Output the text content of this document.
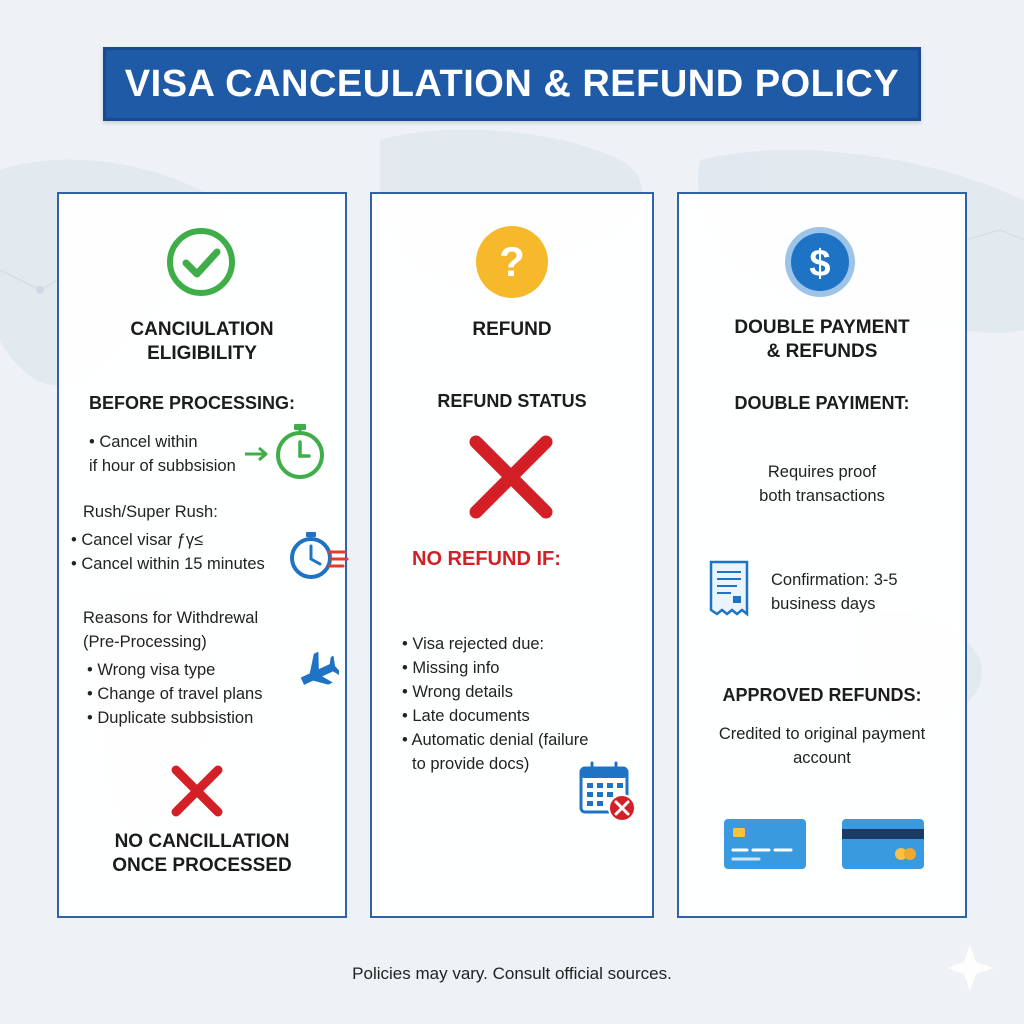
VISA CANCEULATION & REFUND POLICY
CANCIULATION
ELIGIBILITY
BEFORE PROCESSING:
• Cancel within
if hour of subbsision
Rush/Super Rush:
• Cancel visar ƒγ≤
• Cancel within 15 minutes
Reasons for Withdrewal
(Pre-Processing)
• Wrong visa type
• Change of travel plans
• Duplicate subbsistion
NO CANCILLATION
ONCE PROCESSED
?
REFUND
REFUND STATUS
NO REFUND IF:
• Visa rejected due:
• Missing info
• Wrong details
• Late documents
• Automatic denial (failure
to provide docs)
$
DOUBLE PAYMENT
& REFUNDS
DOUBLE PAYIMENT:
Requires proof
both transactions
Confirmation: 3-5
business days
APPROVED REFUNDS:
Credited to original payment
account
Policies may vary. Consult official sources.
